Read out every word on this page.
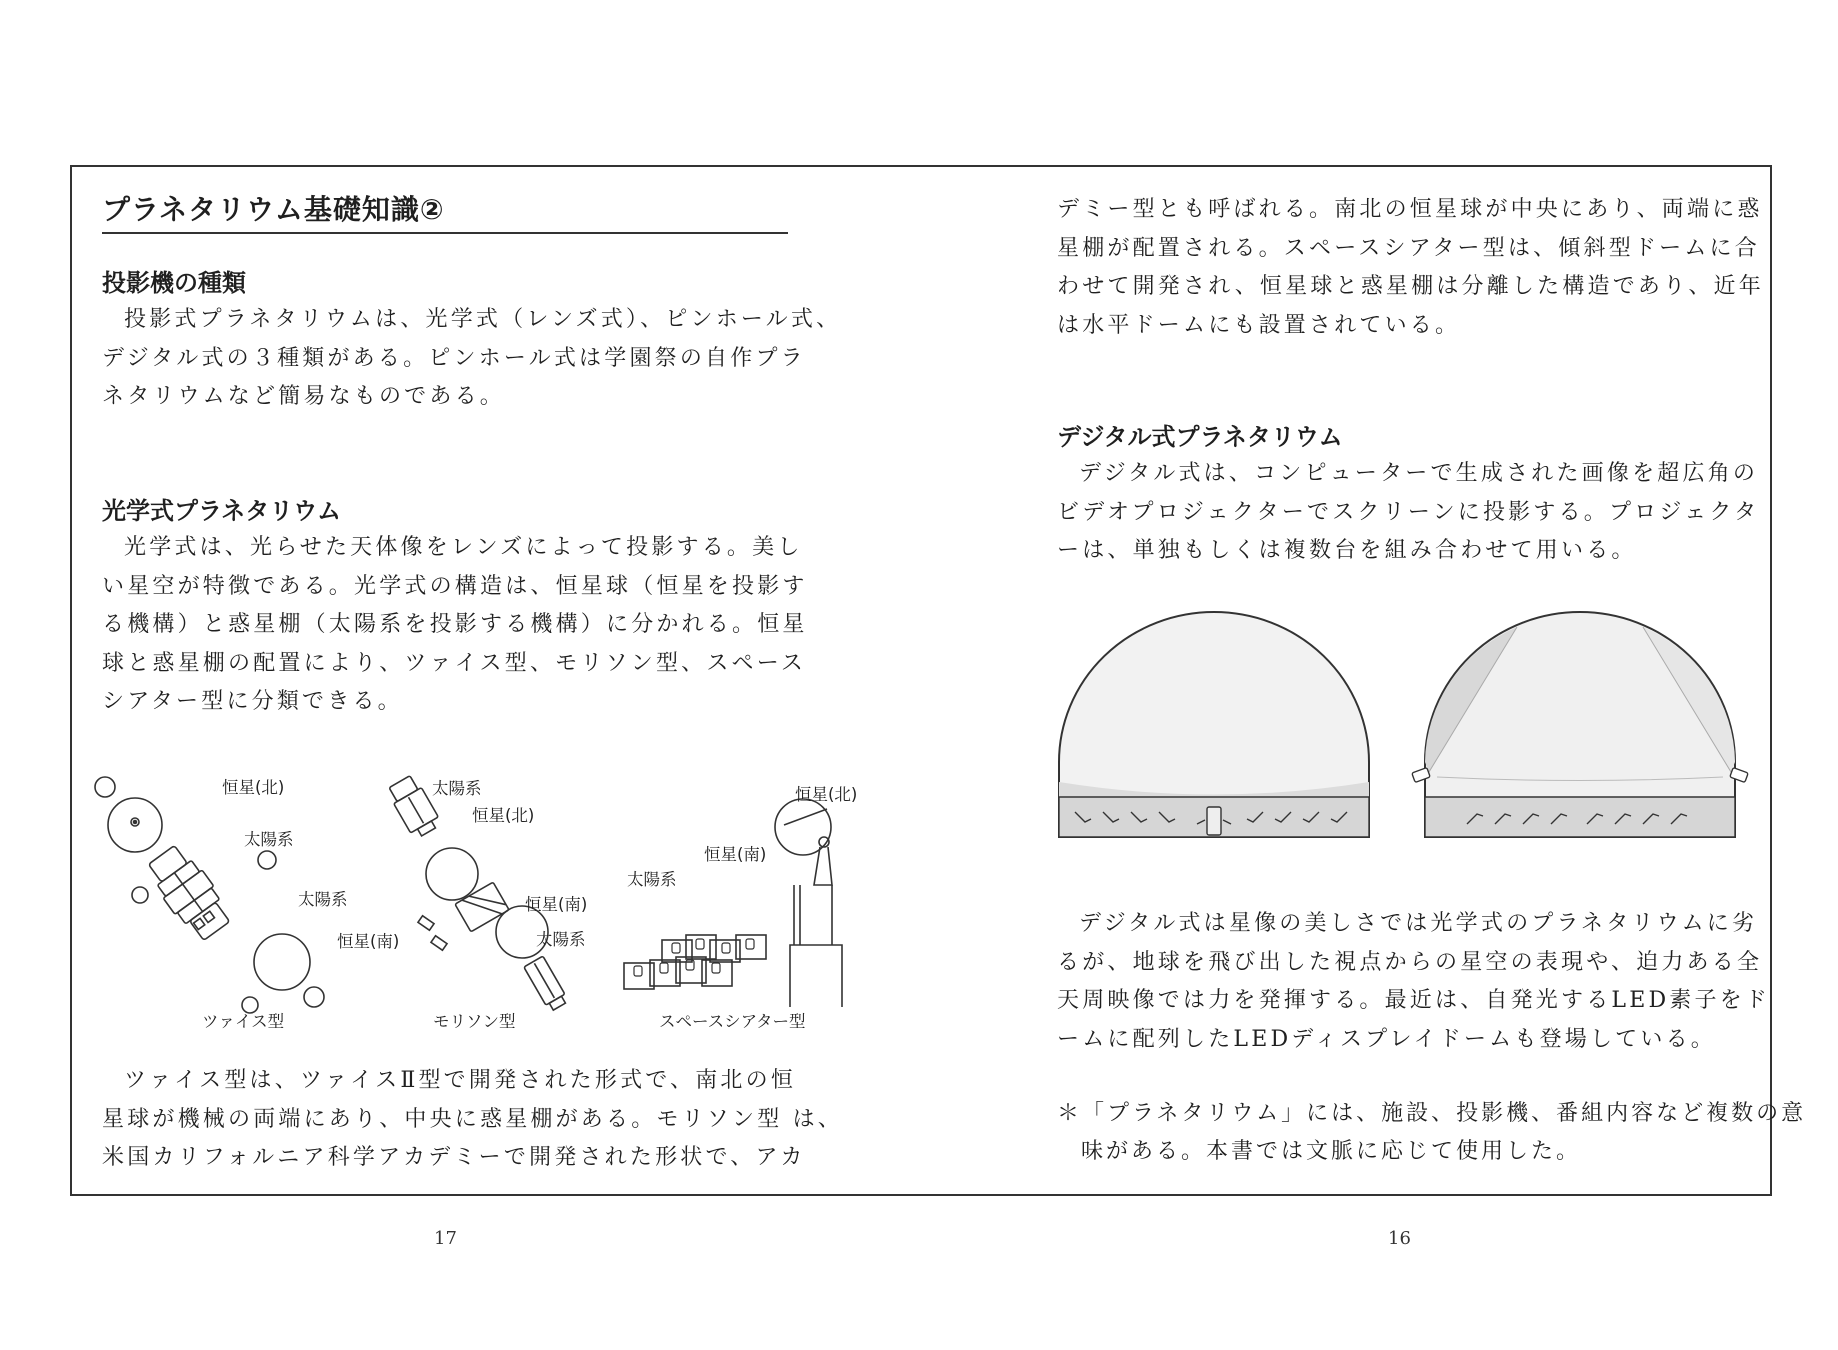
プラネタリウム基礎知識②
投影機の種類

投影式プラネタリウムは、光学式（レンズ式）、ピンホール式、
デジタル式の３種類がある。ピンホール式は学園祭の自作プラ
ネタリウムなど簡易なものである。

光学式プラネタリウム

光学式は、光らせた天体像をレンズによって投影する。美し
い星空が特徴である。光学式の構造は、恒星球（恒星を投影す
る機構）と惑星棚（太陽系を投影する機構）に分かれる。恒星
球と惑星棚の配置により、ツァイス型、モリソン型、スペース
シアター型に分類できる。

恒星(北)
太陽系
太陽系
恒星(南)
ツァイス型
太陽系
恒星(北)
恒星(南)
太陽系
モリソン型
恒星(北)
恒星(南)
太陽系
スペースシアター型

ツァイス型は、ツァイスⅡ型で開発された形式で、南北の恒
星球が機械の両端にあり、中央に惑星棚がある。モリソン型 は、
米国カリフォルニア科学アカデミーで開発された形状で、アカ

デミー型とも呼ばれる。南北の恒星球が中央にあり、両端に惑
星棚が配置される。スペースシアター型は、傾斜型ドームに合
わせて開発され、恒星球と惑星棚は分離した構造であり、近年
は水平ドームにも設置されている。

デジタル式プラネタリウム

デジタル式は、コンピューターで生成された画像を超広角の
ビデオプロジェクターでスクリーンに投影する。プロジェクタ
ーは、単独もしくは複数台を組み合わせて用いる。

デジタル式は星像の美しさでは光学式のプラネタリウムに劣
るが、地球を飛び出した視点からの星空の表現や、迫力ある全
天周映像では力を発揮する。最近は、自発光するLED素子をド
ームに配列したLEDディスプレイドームも登場している。

＊「プラネタリウム」には、施設、投影機、番組内容など複数の意
味がある。本書では文脈に応じて使用した。
17	16
